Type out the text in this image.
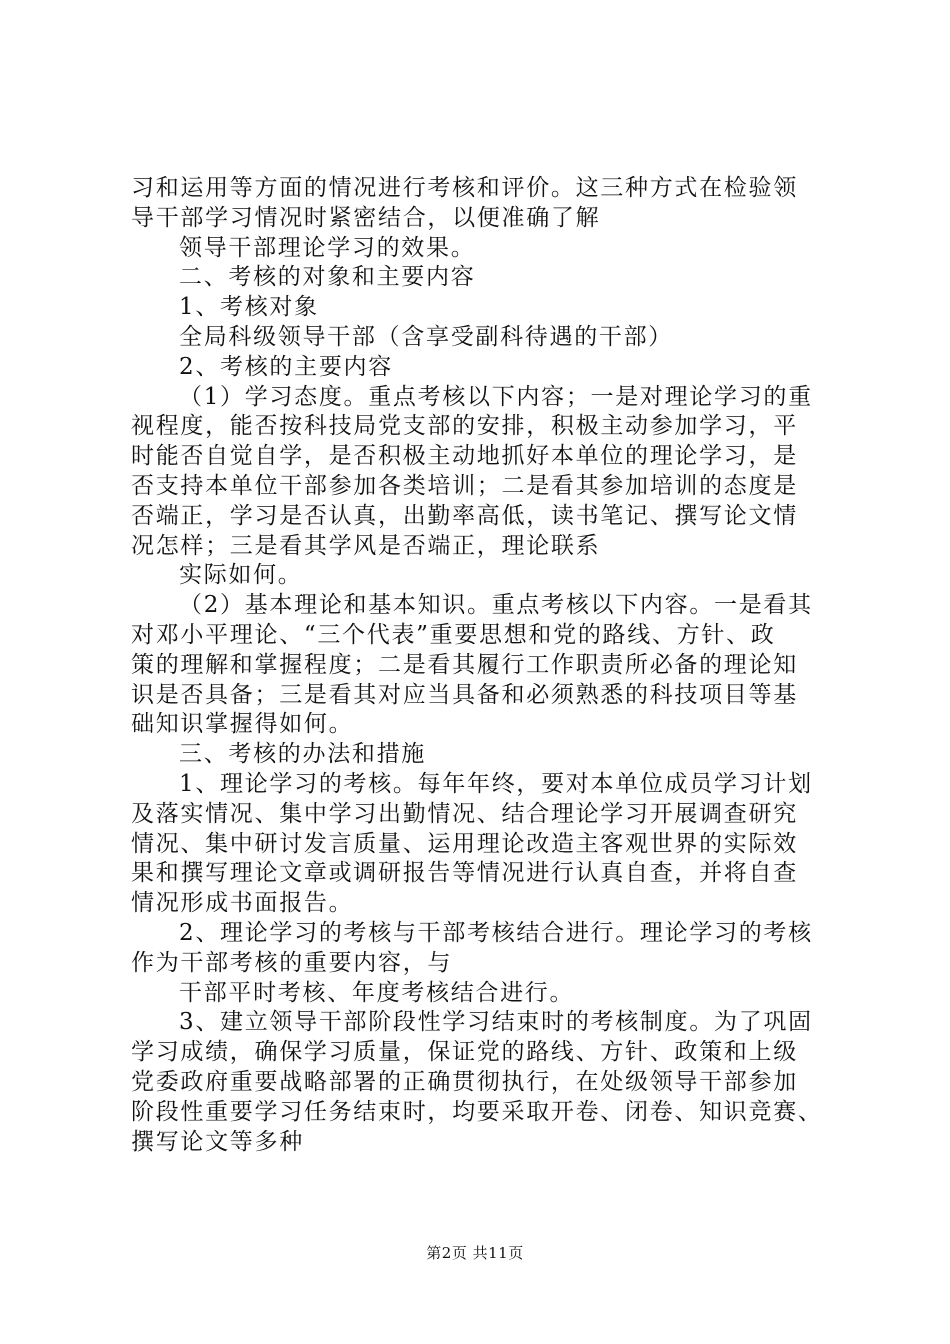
习和运用等方面的情况进行考核和评价。这三种方式在检验领
导干部学习情况时紧密结合，以便准确了解
领导干部理论学习的效果。
二、考核的对象和主要内容
1、考核对象
全局科级领导干部（含享受副科待遇的干部）
2、考核的主要内容
（1）学习态度。重点考核以下内容；一是对理论学习的重
视程度，能否按科技局党支部的安排，积极主动参加学习，平
时能否自觉自学，是否积极主动地抓好本单位的理论学习，是
否支持本单位干部参加各类培训；二是看其参加培训的态度是
否端正，学习是否认真，出勤率高低，读书笔记、撰写论文情
况怎样；三是看其学风是否端正，理论联系
实际如何。
（2）基本理论和基本知识。重点考核以下内容。一是看其
对邓小平理论、“三个代表”重要思想和党的路线、方针、政
策的理解和掌握程度；二是看其履行工作职责所必备的理论知
识是否具备；三是看其对应当具备和必须熟悉的科技项目等基
础知识掌握得如何。
三、考核的办法和措施
1、理论学习的考核。每年年终，要对本单位成员学习计划
及落实情况、集中学习出勤情况、结合理论学习开展调查研究
情况、集中研讨发言质量、运用理论改造主客观世界的实际效
果和撰写理论文章或调研报告等情况进行认真自查，并将自查
情况形成书面报告。
2、理论学习的考核与干部考核结合进行。理论学习的考核
作为干部考核的重要内容，与
干部平时考核、年度考核结合进行。
3、建立领导干部阶段性学习结束时的考核制度。为了巩固
学习成绩，确保学习质量，保证党的路线、方针、政策和上级
党委政府重要战略部署的正确贯彻执行，在处级领导干部参加
阶段性重要学习任务结束时，均要采取开卷、闭卷、知识竞赛、
撰写论文等多种
第2页 共11页
